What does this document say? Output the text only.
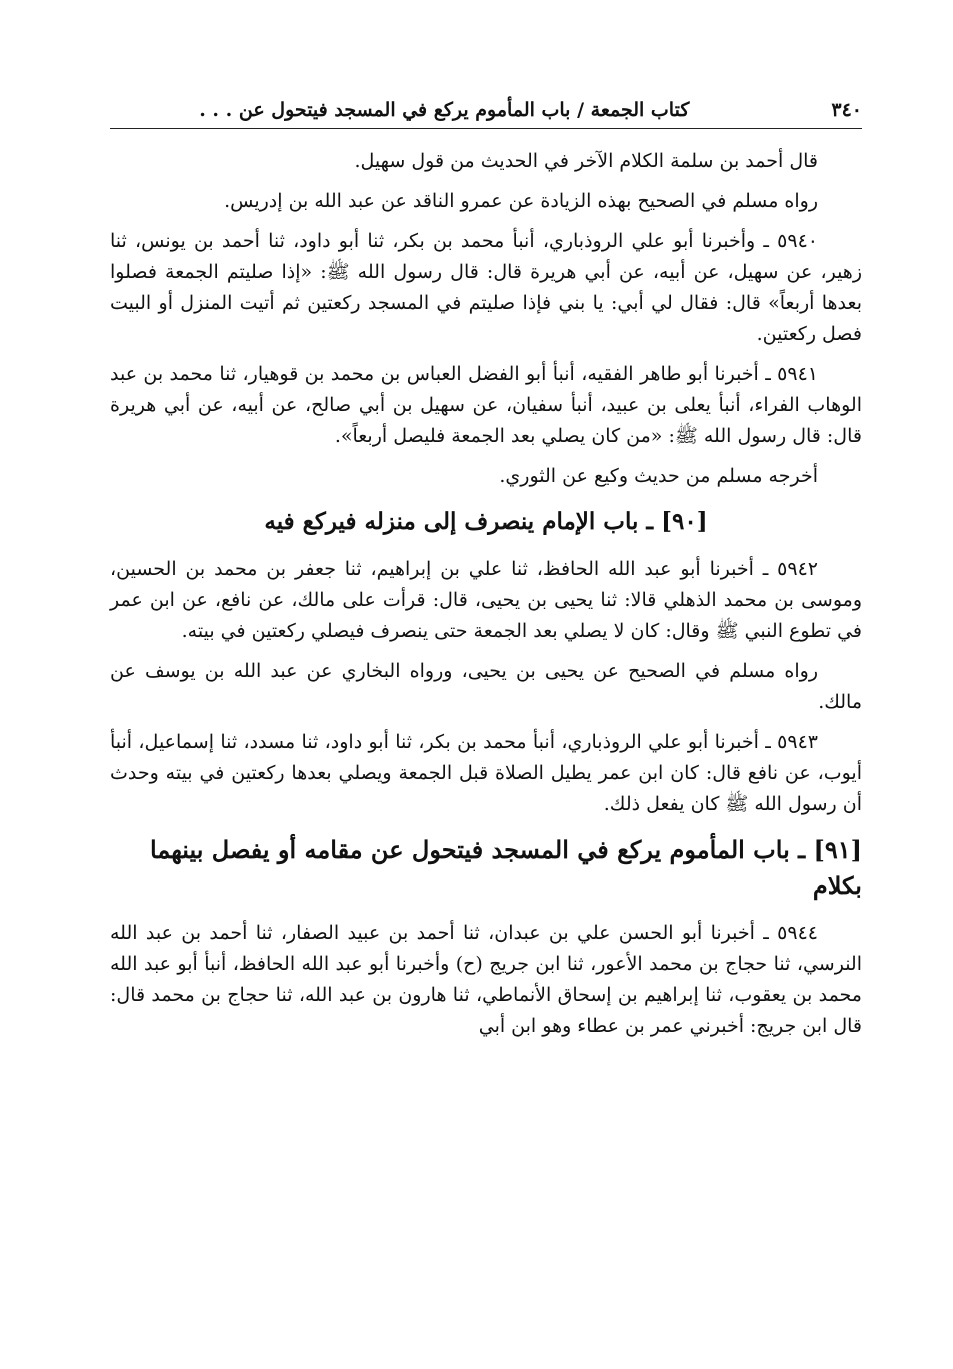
٣٤٠
كتاب الجمعة / باب المأموم يركع في المسجد فيتحول عن . . .

قال أحمد بن سلمة الكلام الآخر في الحديث من قول سهيل.

رواه مسلم في الصحيح بهذه الزيادة عن عمرو الناقد عن عبد الله بن إدريس.

٥٩٤٠ ـ وأخبرنا أبو علي الروذباري، أنبأ محمد بن بكر، ثنا أبو داود، ثنا أحمد بن يونس، ثنا زهير، عن سهيل، عن أبيه، عن أبي هريرة قال: قال رسول الله ﷺ: «إذا صليتم الجمعة فصلوا بعدها أربعاً» قال: فقال لي أبي: يا بني فإذا صليتم في المسجد ركعتين ثم أتيت المنزل أو البيت فصل ركعتين.

٥٩٤١ ـ أخبرنا أبو طاهر الفقيه، أنبأ أبو الفضل العباس بن محمد بن قوهيار، ثنا محمد بن عبد الوهاب الفراء، أنبأ يعلى بن عبيد، أنبأ سفيان، عن سهيل بن أبي صالح، عن أبيه، عن أبي هريرة قال: قال رسول الله ﷺ: «من كان يصلي بعد الجمعة فليصل أربعاً».

أخرجه مسلم من حديث وكيع عن الثوري.

[٩٠] ـ باب الإمام ينصرف إلى منزله فيركع فيه

٥٩٤٢ ـ أخبرنا أبو عبد الله الحافظ، ثنا علي بن إبراهيم، ثنا جعفر بن محمد بن الحسين، وموسى بن محمد الذهلي قالا: ثنا يحيى بن يحيى، قال: قرأت على مالك، عن نافع، عن ابن عمر في تطوع النبي ﷺ وقال: كان لا يصلي بعد الجمعة حتى ينصرف فيصلي ركعتين في بيته.

رواه مسلم في الصحيح عن يحيى بن يحيى، ورواه البخاري عن عبد الله بن يوسف عن مالك.

٥٩٤٣ ـ أخبرنا أبو علي الروذباري، أنبأ محمد بن بكر، ثنا أبو داود، ثنا مسدد، ثنا إسماعيل، أنبأ أيوب، عن نافع قال: كان ابن عمر يطيل الصلاة قبل الجمعة ويصلي بعدها ركعتين في بيته وحدث أن رسول الله ﷺ كان يفعل ذلك.

[٩١] ـ باب المأموم يركع في المسجد فيتحول عن مقامه أو يفصل بينهما بكلام

٥٩٤٤ ـ أخبرنا أبو الحسن علي بن عبدان، ثنا أحمد بن عبيد الصفار، ثنا أحمد بن عبد الله النرسي، ثنا حجاج بن محمد الأعور، ثنا ابن جريج (ح) وأخبرنا أبو عبد الله الحافظ، أنبأ أبو عبد الله محمد بن يعقوب، ثنا إبراهيم بن إسحاق الأنماطي، ثنا هارون بن عبد الله، ثنا حجاج بن محمد قال: قال ابن جريج: أخبرني عمر بن عطاء وهو ابن أبي
